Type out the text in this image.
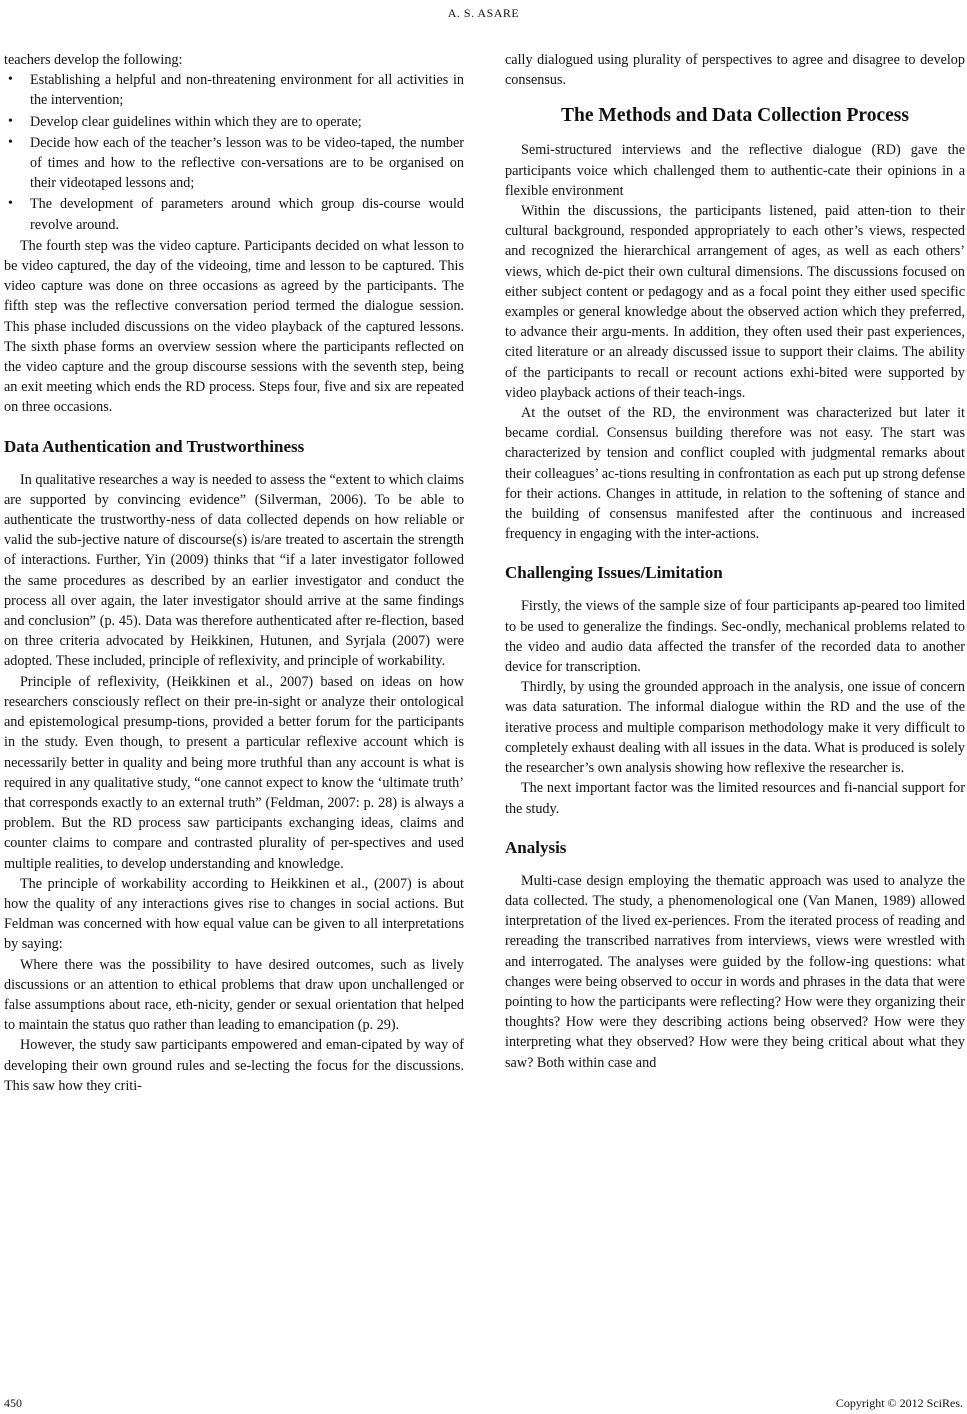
A. S. ASARE

teachers develop the following:

• Establishing a helpful and non-threatening environment for all activities in the intervention;
• Develop clear guidelines within which they are to operate;
• Decide how each of the teacher’s lesson was to be video-taped, the number of times and how to the reflective con-versations are to be organised on their videotaped lessons and;
• The development of parameters around which group dis-course would revolve around.

The fourth step was the video capture. Participants decided on what lesson to be video captured, the day of the videoing, time and lesson to be captured. This video capture was done on three occasions as agreed by the participants. The fifth step was the reflective conversation period termed the dialogue session. This phase included discussions on the video playback of the captured lessons. The sixth phase forms an overview session where the participants reflected on the video capture and the group discourse sessions with the seventh step, being an exit meeting which ends the RD process. Steps four, five and six are repeated on three occasions.

Data Authentication and Trustworthiness

In qualitative researches a way is needed to assess the “extent to which claims are supported by convincing evidence” (Silverman, 2006). To be able to authenticate the trustworthy-ness of data collected depends on how reliable or valid the sub-jective nature of discourse(s) is/are treated to ascertain the strength of interactions. Further, Yin (2009) thinks that “if a later investigator followed the same procedures as described by an earlier investigator and conduct the process all over again, the later investigator should arrive at the same findings and conclusion” (p. 45). Data was therefore authenticated after re-flection, based on three criteria advocated by Heikkinen, Hutunen, and Syrjala (2007) were adopted. These included, principle of reflexivity, and principle of workability.

Principle of reflexivity, (Heikkinen et al., 2007) based on ideas on how researchers consciously reflect on their pre-in-sight or analyze their ontological and epistemological presump-tions, provided a better forum for the participants in the study. Even though, to present a particular reflexive account which is necessarily better in quality and being more truthful than any account is what is required in any qualitative study, “one cannot expect to know the ‘ultimate truth’ that corresponds exactly to an external truth” (Feldman, 2007: p. 28) is always a problem. But the RD process saw participants exchanging ideas, claims and counter claims to compare and contrasted plurality of per-spectives and used multiple realities, to develop understanding and knowledge.

The principle of workability according to Heikkinen et al., (2007) is about how the quality of any interactions gives rise to changes in social actions. But Feldman was concerned with how equal value can be given to all interpretations by saying:

Where there was the possibility to have desired outcomes, such as lively discussions or an attention to ethical problems that draw upon unchallenged or false assumptions about race, eth-nicity, gender or sexual orientation that helped to maintain the status quo rather than leading to emancipation (p. 29).

However, the study saw participants empowered and eman-cipated by way of developing their own ground rules and se-lecting the focus for the discussions. This saw how they criti-

cally dialogued using plurality of perspectives to agree and disagree to develop consensus.

The Methods and Data Collection Process

Semi-structured interviews and the reflective dialogue (RD) gave the participants voice which challenged them to authentic-cate their opinions in a flexible environment

Within the discussions, the participants listened, paid atten-tion to their cultural background, responded appropriately to each other’s views, respected and recognized the hierarchical arrangement of ages, as well as each others’ views, which de-pict their own cultural dimensions. The discussions focused on either subject content or pedagogy and as a focal point they either used specific examples or general knowledge about the observed action which they preferred, to advance their argu-ments. In addition, they often used their past experiences, cited literature or an already discussed issue to support their claims. The ability of the participants to recall or recount actions exhi-bited were supported by video playback actions of their teach-ings.

At the outset of the RD, the environment was characterized but later it became cordial. Consensus building therefore was not easy. The start was characterized by tension and conflict coupled with judgmental remarks about their colleagues’ ac-tions resulting in confrontation as each put up strong defense for their actions. Changes in attitude, in relation to the softening of stance and the building of consensus manifested after the continuous and increased frequency in engaging with the inter-actions.

Challenging Issues/Limitation

Firstly, the views of the sample size of four participants ap-peared too limited to be used to generalize the findings. Sec-ondly, mechanical problems related to the video and audio data affected the transfer of the recorded data to another device for transcription.

Thirdly, by using the grounded approach in the analysis, one issue of concern was data saturation. The informal dialogue within the RD and the use of the iterative process and multiple comparison methodology make it very difficult to completely exhaust dealing with all issues in the data. What is produced is solely the researcher’s own analysis showing how reflexive the researcher is.

The next important factor was the limited resources and fi-nancial support for the study.

Analysis

Multi-case design employing the thematic approach was used to analyze the data collected. The study, a phenomenological one (Van Manen, 1989) allowed interpretation of the lived ex-periences. From the iterated process of reading and rereading the transcribed narratives from interviews, views were wrestled with and interrogated. The analyses were guided by the follow-ing questions: what changes were being observed to occur in words and phrases in the data that were pointing to how the participants were reflecting? How were they organizing their thoughts? How were they describing actions being observed? How were they interpreting what they observed? How were they being critical about what they saw? Both within case and

450	Copyright © 2012 SciRes.
